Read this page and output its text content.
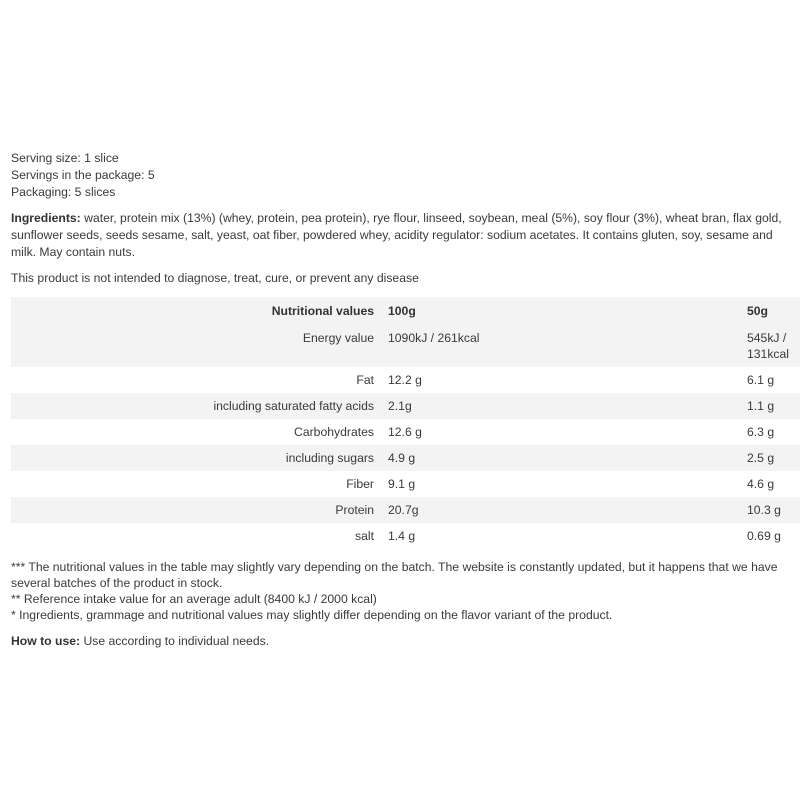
Serving size: 1 slice
Servings in the package: 5
Packaging: 5 slices

Ingredients: water, protein mix (13%) (whey, protein, pea protein), rye flour, linseed, soybean, meal (5%), soy flour (3%), wheat bran, flax gold, sunflower seeds, seeds sesame, salt, yeast, oat fiber, powdered whey, acidity regulator: sodium acetates. It contains gluten, soy, sesame and milk. May contain nuts.

This product is not intended to diagnose, treat, cure, or prevent any disease

Nutritional values	100g	50g
Energy value	1090kJ / 261kcal	545kJ / 131kcal
Fat	12.2 g	6.1 g
including saturated fatty acids	2.1g	1.1 g
Carbohydrates	12.6 g	6.3 g
including sugars	4.9 g	2.5 g
Fiber	9.1 g	4.6 g
Protein	20.7g	10.3 g
salt	1.4 g	0.69 g
*** The nutritional values in the table may slightly vary depending on the batch. The website is constantly updated, but it happens that we have several batches of the product in stock.
** Reference intake value for an average adult (8400 kJ / 2000 kcal)
* Ingredients, grammage and nutritional values may slightly differ depending on the flavor variant of the product.

How to use: Use according to individual needs.
